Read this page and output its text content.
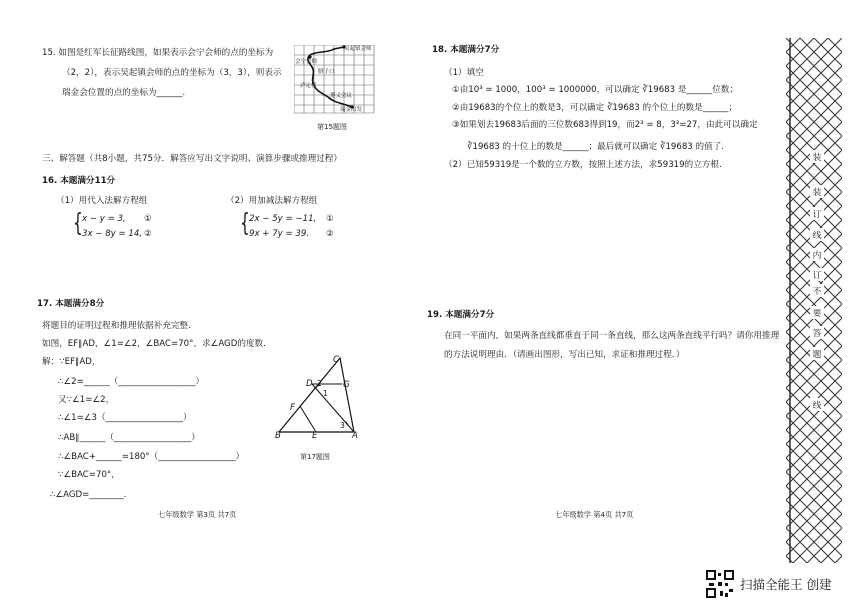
15. 如图是红军长征路线图，如果表示会宁会师的点的坐标为
（2，2），表示吴起镇会师的点的坐标为（3，3），则表示
瑞金会位置的点的坐标为______.
吴起镇会师
会宁会师
腊子口
泸定桥
遵义会议
瑞金出发
第15题图
三、解答题（共8小题，共75分．解答应写出文字说明、演算步骤或推理过程）
16. 本题满分11分
（1）用代入法解方程组
{ x − y = 3, ①
3x − 8y = 14, ②
（2）用加减法解方程组
{ 2x − 5y = −11, ①
9x + 7y = 39. ②
17. 本题满分8分
将题目的证明过程和推理依据补充完整.
如图，EF∥AD，∠1=∠2，∠BAC=70°，求∠AGD的度数．
解：∵EF∥AD，
∴∠2=______（__________________）
又∵∠1=∠2，
∴∠1=∠3（__________________）
∴AB∥______（__________________）
∴∠BAC+______=180°（__________________）
∵∠BAC=70°，
∴∠AGD=________．
C
G
F
B	E	A
D
1
2
3
第17题图
七年级数学 第3页 共7页
18. 本题满分7分
（1）填空
①由10³ = 1000，100³ = 1000000，可以确定 ∛19683 是______位数；
②由19683的个位上的数是3，可以确定 ∛19683 的个位上的数是______；
③如果划去19683后面的三位数683得到19，而2³ = 8，3³=27，由此可以确定
∛19683 的十位上的数是______；最后就可以确定 ∛19683 的值了.
（2）已知59319是一个数的立方数，按照上述方法，求59319的立方根.
19. 本题满分7分
在同一平面内，如果两条直线都垂直于同一条直线，那么这两条直线平行吗？请你用推理
的方法说明理由．（请画出图形，写出已知，求证和推理过程．）
七年级数学 第4页 共7页
装
装
订
线
内
订
不
要
答
题
线
扫描全能王 创建
